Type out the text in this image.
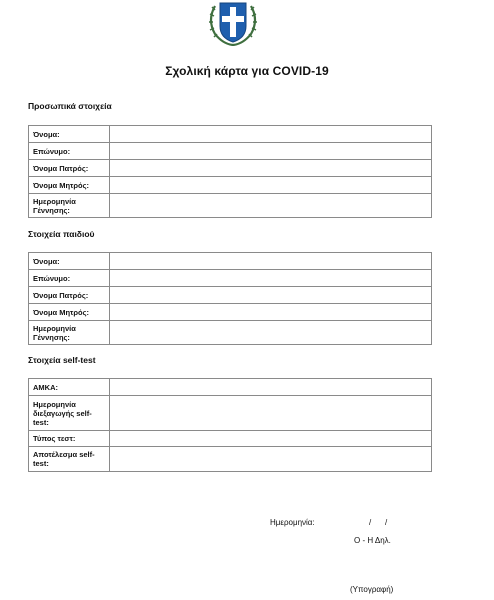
Σχολική κάρτα για COVID-19
Προσωπικά στοιχεία
Όνομα:	
Επώνυμο:	
Όνομα Πατρός:	
Όνομα Μητρός:	
Ημερομηνία Γέννησης:	
Στοιχεία παιδιού
Όνομα:	
Επώνυμο:	
Όνομα Πατρός:	
Όνομα Μητρός:	
Ημερομηνία Γέννησης:	
Στοιχεία self-test
ΑΜΚΑ:	
Ημερομηνία διεξαγωγής self-test:	
Τύπος τεστ:	
Αποτέλεσμα self-test:	
Ημερομηνία:	/ /
Ο - Η Δηλ.
(Υπογραφή)
